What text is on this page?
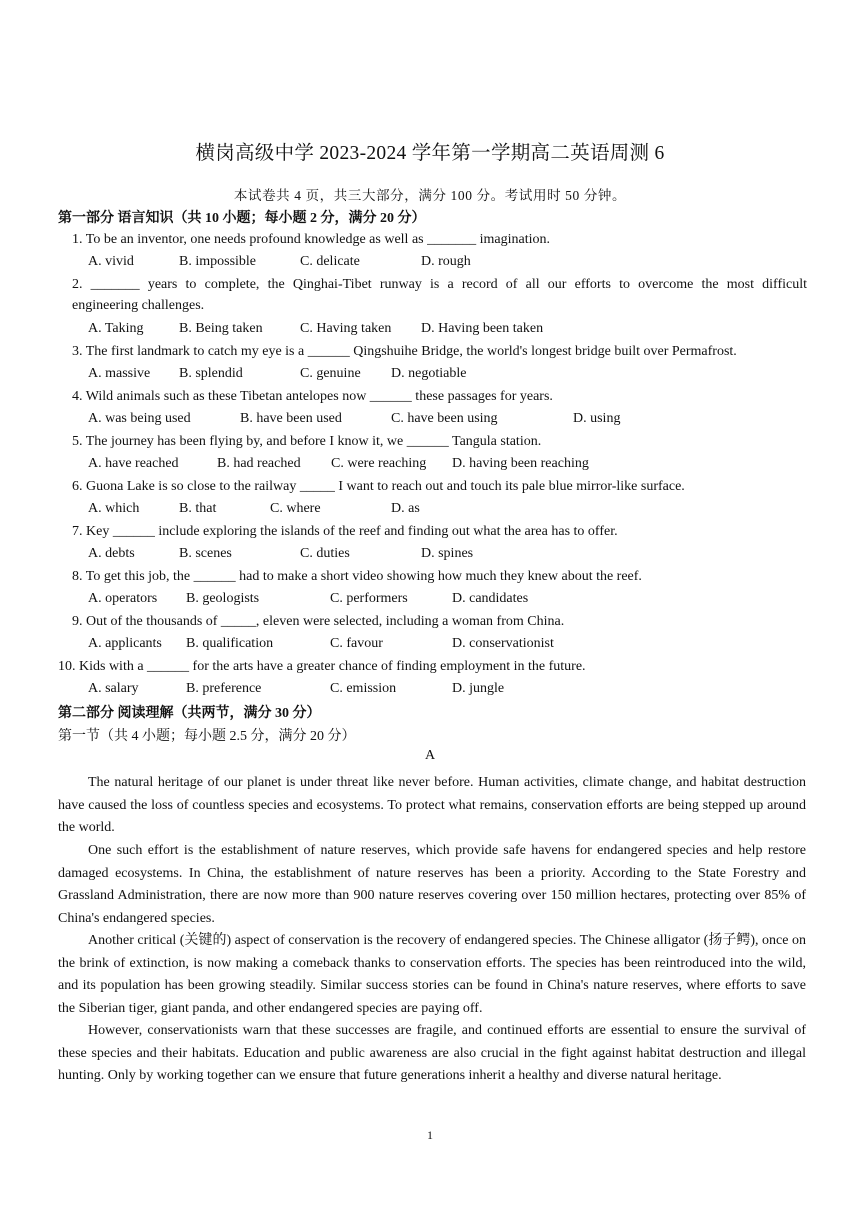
横岗高级中学 2023-2024 学年第一学期高二英语周测 6
本试卷共 4 页，共三大部分，满分 100 分。考试用时 50 分钟。
第一部分 语言知识（共 10 小题；每小题 2 分，满分 20 分）
1. To be an inventor, one needs profound knowledge as well as _______ imagination.
A. vivid	B. impossible	C. delicate	D. rough
2. _______ years to complete, the Qinghai-Tibet runway is a record of all our efforts to overcome the most difficult
engineering challenges.
A. Taking	B. Being taken	C. Having taken D. Having been taken
3. The first landmark to catch my eye is a ______ Qingshuihe Bridge, the world's longest bridge built over Permafrost.
A. massive B. splendid	C. genuine D. negotiable
4. Wild animals such as these Tibetan antelopes now ______ these passages for years.
A. was being used	B. have been used	C. have been using	D. using
5. The journey has been flying by, and before I know it, we ______ Tangula station.
A. have reached	B. had reached C. were reaching D. having been reaching
6. Guona Lake is so close to the railway _____ I want to reach out and touch its pale blue mirror-like surface.
A. which	B. that	C. where	D. as
7. Key ______ include exploring the islands of the reef and finding out what the area has to offer.
A. debts	B. scenes	C. duties	D. spines
8. To get this job, the ______ had to make a short video showing how much they knew about the reef.
A. operators B. geologists	C. performers	D. candidates
9. Out of the thousands of _____, eleven were selected, including a woman from China.
A. applicants B. qualification	C. favour	D. conservationist
10. Kids with a ______ for the arts have a greater chance of finding employment in the future.
A. salary	B. preference	C. emission	D. jungle
第二部分 阅读理解（共两节，满分 30 分）
第一节（共 4 小题；每小题 2.5 分，满分 20 分）
A
The natural heritage of our planet is under threat like never before. Human activities, climate change, and habitat destruction have caused the loss of countless species and ecosystems. To protect what remains, conservation efforts are being stepped up around the world.
One such effort is the establishment of nature reserves, which provide safe havens for endangered species and help restore damaged ecosystems. In China, the establishment of nature reserves has been a priority. According to the State Forestry and Grassland Administration, there are now more than 900 nature reserves covering over 150 million hectares, protecting over 85% of China's endangered species.
Another critical (关键的) aspect of conservation is the recovery of endangered species. The Chinese alligator (扬子鳄), once on the brink of extinction, is now making a comeback thanks to conservation efforts. The species has been reintroduced into the wild, and its population has been growing steadily. Similar success stories can be found in China's nature reserves, where efforts to save the Siberian tiger, giant panda, and other endangered species are paying off.
However, conservationists warn that these successes are fragile, and continued efforts are essential to ensure the survival of these species and their habitats. Education and public awareness are also crucial in the fight against habitat destruction and illegal hunting. Only by working together can we ensure that future generations inherit a healthy and diverse natural heritage.
1
